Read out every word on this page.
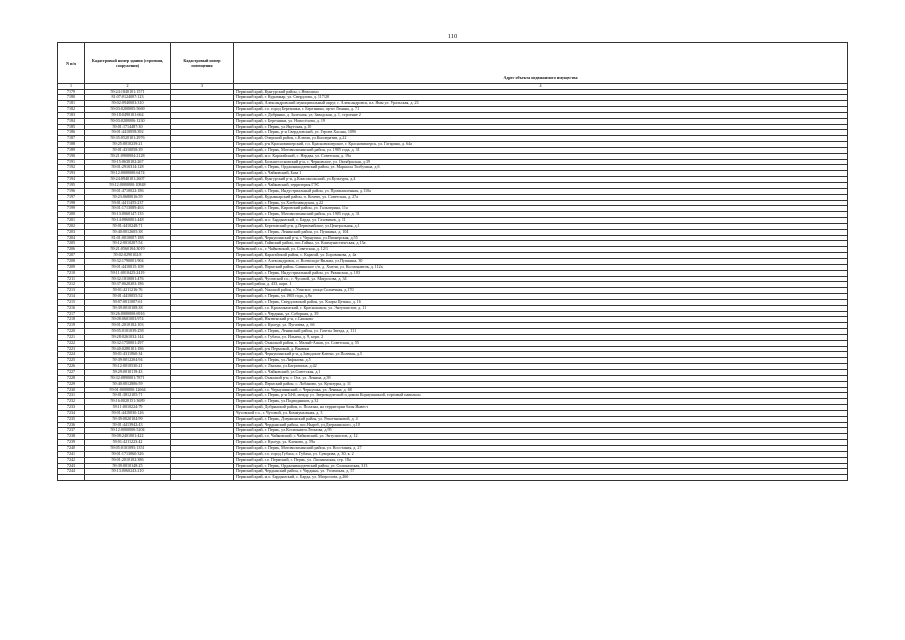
110
N п/п	Кадастровый номер здания (строения, сооружения)	Кадастровый номер помещения	Адрес объекта недвижимого имущества
1	2	3	4
7179	59:24:1840101:1571		Пермский край, Кунгурский район, с.Неволино
7180	81:07:0124007:123		Пермский край, г. Кудымкар, ул. Свердлова, д. 117/20
7181	59:02:0940003:310		Пермский край, Александровский муниципальный округ, г. Александровск, пл. Ямы ул. Уральская, д. 23
7182	59:03:0200005:5669		Пермский край, г.о. город Березники, г. Березники, пр-кт Ленина, д. 71
7183	59:18:0490101:664		Пермский край, г. Добрянка, д. Залесная, ул. Заводская, д. 1, строение 2
7184	59:03:0200006:1230		Пермский край, г. Березники, ул. Новосёлова, д. 19
7185	59:01:1714487:30		Пермский край, г. Пермь, ул.Якутская, д.10
7186	59:01:4410058:392		Пермский край, г. Пермь, р-н Свердловский, ул. Героев Хасана, 109б
7187	59:35:0520101:2976		Пермский край, Очерский район, с.Ключи, ул.Кооператив, д.22
7188	59:25:0010239:21		Пермский край, р-н Красновишерский, г.п. Красновишерское, г. Красновишерск, ул. Гагарина, д. 64а
7189	59:01:4310058:39		Пермский край, г. Пермь, Мотовилихинский район, ул. 1905 года, д. 31
7190	59:21:0900004:2128		Пермский край, м.о. Карагайский, с. Нердва, ул. Советская, д. 19а
7191	59:15:0630102:267		Пермский край, Большесосновский р-н, с. Черновское, ул. Октябрьская, д.39
7192	59:01:2910314:128		Пермский край, г. Пермь, Орджоникидзевский район, ул. Маршала Толбухина, д.6
7193	59:12:0000000:6474		Пермский край, г. Чайковский, База 1
7194	59:24:0940101:2607		Пермский край, Кунгурский р-н, д.Комсомольский, ул.Культуры, д.4
7195	59:12:0000000:10848		Пермский край, г. Чайковский, территория ГЭС
7196	59:01:4710022:186		Пермский край, г. Пермь, Индустриальный район, ул. Промышленная, д.110а
7197	59:23:0680016:59		Пермский край, Кудымкарский район, п. Кочево, ул. Советская, д. 27а
7198	59:01:4411455:237		Пермский край, г. Пермь, ул.Хлебозаводская, д.22
7199	59:01:1713089:463		Пермский край, г. Пермь, Кировский район, ул. Гальперина, 11а
7200	59:13:0060147:135		Пермский край, г. Пермь, Мотовилихинский район, ул. 1905 года, д. 31
7201	59:14:0860001:448		Пермский край, м.о. Бардымский, с. Барда, ул. Газовиков, д. 11
7202	59:01:4410248:71		Пермский край, Березовский р-н, д.Первомайское, ул.Центральная, д.1
7203	59:40:0012605:38		Пермский край, г. Пермь, Ленинский район, ул. Пушкина, д. 104
7204	81:01:0010007:188		Пермский край, Чернушинский р-н, г. Чернушка, ул.Пионерская, д.55
7205	59:12:0010207:54		Пермский край, Гайнский район, пос.Гайны, ул. Коммунистическая, д.15а
7206	59:21:0560104:3019		Чайковский г.о., г. Чайковский, ул. Советская, д. 12/1
7207	59:02:0290102:8		Пермский край, Карагайский район, с. Карагай, ул. Боровикова, д. 4а
7208	59:32:1790001:904		Пермский край, г. Александровск, п. Всеволодо-Вильва, ул.Пушкина, 30
7209	59:01:4410015:108		Пермский край, Пермский район, Савинское с/п, д. Хмели, ул. Космонавтов, д. 112а
7210	59:11:0010425:2419		Пермский край, г. Пермь, Индустриальный район, ул. Рязанская, д. 103
7211	59:32:1810001:476		Пермский край, Чусовской г.о., г. Чусовой, ул. Матросова, д. 34
7212	59:37:0620203:186		Пермский район, д. 433, корп. 1
7213	59:01:4211216:76		Пермский край, Уинский район, с.Уинское, улица Солнечная, д.170
7214	59:01:4410055:52		Пермский край, г. Пермь, ул.1905 года, д.9а
7215	59:07:0011007:61		Пермский край, г. Пермь, Свердловский район, ул. Клары Цеткин, д. 16
7216	59:39:0010108:38		Пермский край, г.о. Краснокамский, г. Краснокамск, ул. Энтузиастов, д. 11
7217	59:26:0000000:6916		Пермский край, г. Чердынь, ул. Соборная, д. 39
7218	59:08:0601003:974		Пермский край, Нытвенский р-н, с.Сашково
7219	59:01:2010102:103		Пермский край, г. Кунгур, ул. Пугачева, д. 66
7220	59:05:0101039:258		Пермский край, г. Пермь, Ленинский район, ул. Газеты Звезда, д. 111
7221	59:28:0261032:144		Пермский край, г. Губаха, ул. Ильича, д. 9, корп. 2
7222	59:32:1750001:297		Пермский край, Оханский район, с. Малый-Ашап, ул. Советская, д. 55
7223	59:40:0280101:186		Пермский край, р-н Пермский, д. Ванюки
7224	59:01:4311860:34		Пермский край, Чернушинский р-н, д.Заводские Ключи, ул.Полевая, д.5
7225	59:39:0012204:94		Пермский край, г. Пермь, ул.Лифанова, д.5
7226	59:12:0010530:21		Пермский край, г. Лысьва, ул.Багратиона, д.42
7227	59:29:0010119:43		Пермский край, г. Чайковский, ул.Советская, д.1
7228	59:32:0890001:7871		Пермский край, Оханский р-н, г. Оса, ул. Ленина, д.39
7229	59:40:0012806:59		Пермский край, Пермский район, с. Лобаново, ул. Культуры, д. 11
7230	59:01:0000000:12664		Пермский край, г.о. Чернушинский, г. Чернушка, ул. Ленина, д. 68
7231	59:01:3812105:71		Пермский край, г. Пермь, р-н 54-й, между ул. Звероводческой и домом Кормушкиной, торговый павильон
7232	59:16:0020151:3689		Пермский край, г. Пермь, ул.Подводников, д.32
7233	59:11:0010224:79		Пермский край, Добрянский район, п. Полазна, на территории базы Инвест
7234	59:01:4410030:126		Чусовской г.о., г. Чусовой, ул. Коммунальная, д. 3
7235	59:39:0020104:99		Пермский край, г. Пермь, Дзержинский район, ул. Решетниковой, д. 4
7236	59:01:4413942:43		Пермский край, Чердынский район, пос.Ныроб, ул.Дзержинского, д.10
7237	59:12:0000000:5204		Пермский край, г. Пермь, ул.Космонавта Леонова, д.95
7238	59:08:2401001:422		Пермский край, г.о. Чайковский, г. Чайковский, ул. Энтузиастов, д. 12
7239	59:01:4211223:42		Пермский край, г. Кунгур, ул. Кленова, д. 59а
7240	59:05:0101095:1351		Пермский край, г. Пермь, Мотовилихинский район, ул. Восстания, д. 27
7241	59:01:1713060:326		Пермский край, г.о. город Губаха, г. Губаха, ул. Суворова, д. 30, к. 2
7242	59:01:2010102:386		Пермский край, г.о. Пермский, г. Пермь, ул. Ласьвинская, стр. 18а
7243	59:39:0010148:25		Пермский край, г. Пермь, Орджоникидзевский район, ул. Соликамская, 313
7244	59:13:0060243:210		Пермский край, Чердынский район, г. Чердынь, ул. Успенская, д. 57
			Пермский край, м.о. Бардымский, с. Барда, ул. Матросова, д.26б
